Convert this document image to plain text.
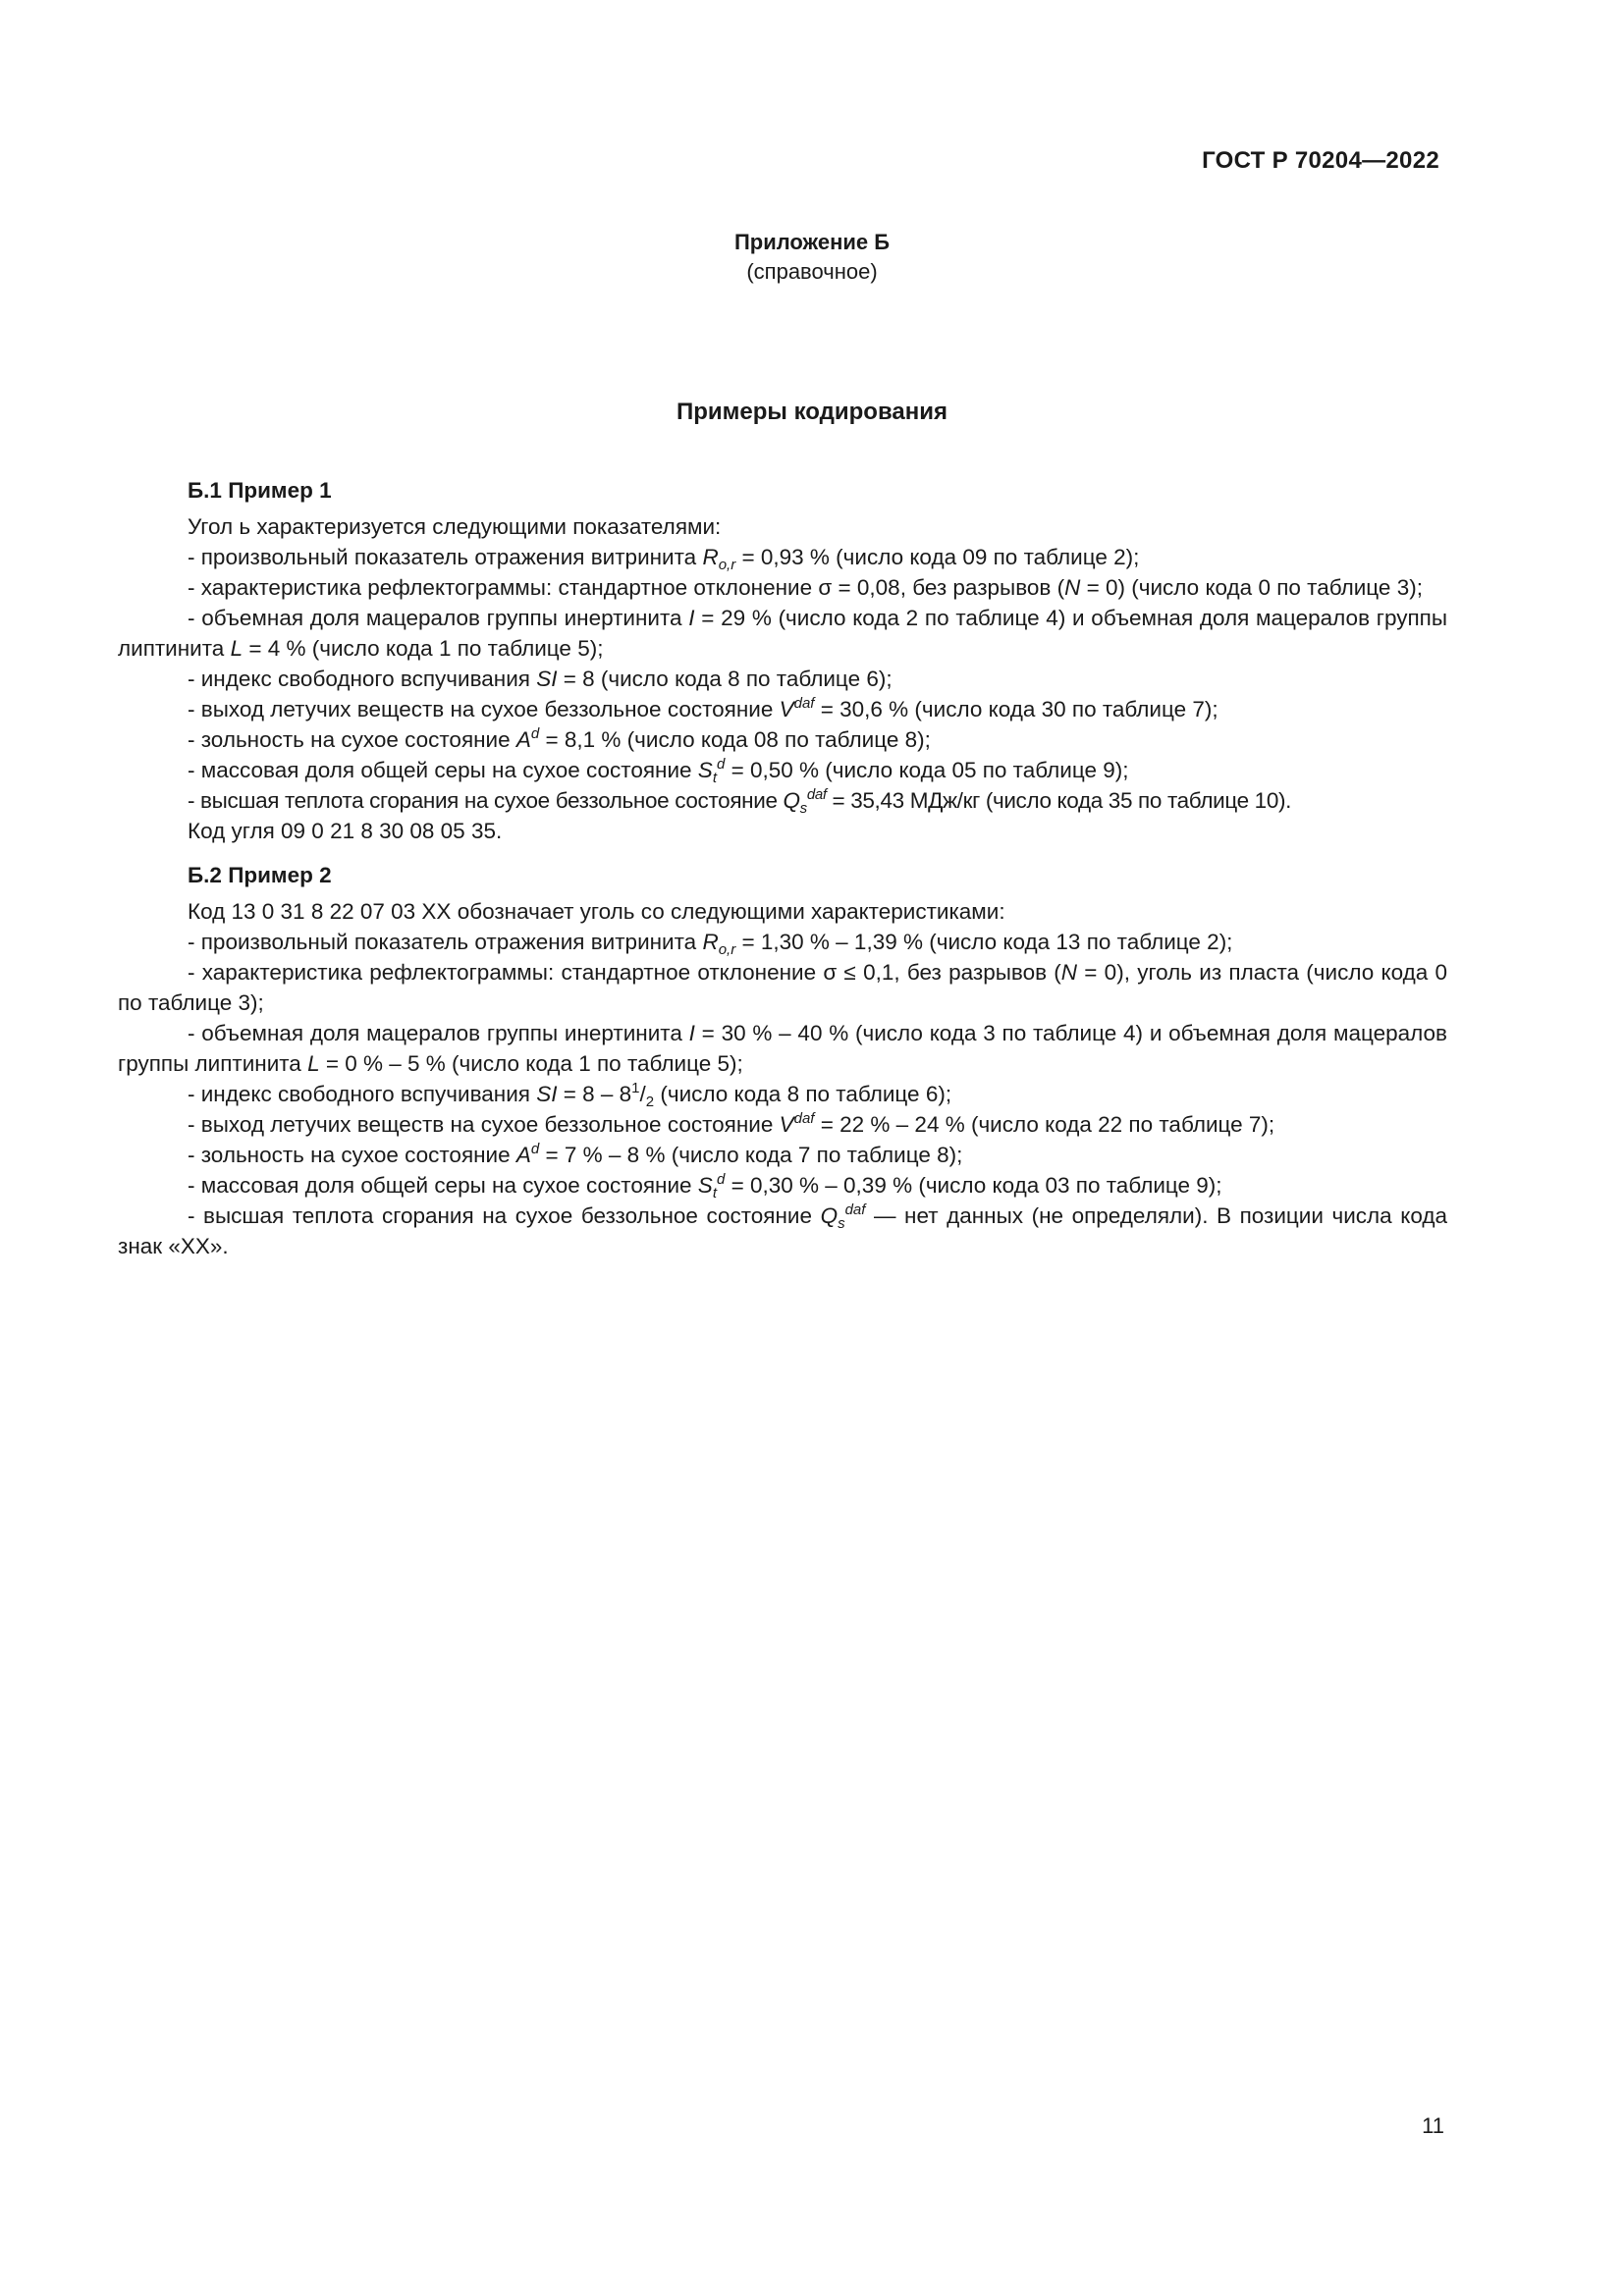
ГОСТ Р 70204—2022
Приложение Б
(справочное)
Примеры кодирования
Б.1 Пример 1

Угол ь характеризуется следующими показателями:

- произвольный показатель отражения витринита $R_{o,r} = 0,93$ % (число кода 09 по таблице 2);

- характеристика рефлектограммы: стандартное отклонение σ = 0,08, без разрывов (N = 0) (число кода 0 по таблице 3);

- объемная доля мацералов группы инертинита I = 29 % (число кода 2 по таблице 4) и объемная доля мацералов группы липтинита L = 4 % (число кода 1 по таблице 5);

- индекс свободного вспучивания SI = 8 (число кода 8 по таблице 6);

- выход летучих веществ на сухое беззольное состояние $V^{daf} = 30,6$ % (число кода 30 по таблице 7);

- зольность на сухое состояние $A^d = 8,1$ % (число кода 08 по таблице 8);

- массовая доля общей серы на сухое состояние $S_t^d = 0,50$ % (число кода 05 по таблице 9);

- высшая теплота сгорания на сухое беззольное состояние $Q_s^{daf} = 35,43$ МДж/кг (число кода 35 по таблице 10).

Код угля 09 0 21 8 30 08 05 35.

Б.2 Пример 2

Код 13 0 31 8 22 07 03 XX обозначает уголь со следующими характеристиками:

- произвольный показатель отражения витринита $R_{o,r} = 1,30$ % – 1,39 % (число кода 13 по таблице 2);

- характеристика рефлектограммы: стандартное отклонение σ ≤ 0,1, без разрывов (N = 0), уголь из пласта (число кода 0 по таблице 3);

- объемная доля мацералов группы инертинита I = 30 % – 40 % (число кода 3 по таблице 4) и объемная доля мацералов группы липтинита L = 0 % – 5 % (число кода 1 по таблице 5);

- индекс свободного вспучивания SI = $8 - 8^1/_2$ (число кода 8 по таблице 6);

- выход летучих веществ на сухое беззольное состояние $V^{daf} = 22$ % – 24 % (число кода 22 по таблице 7);

- зольность на сухое состояние $A^d = 7$ % – 8 % (число кода 7 по таблице 8);

- массовая доля общей серы на сухое состояние $S_t^d = 0,30$ % – 0,39 % (число кода 03 по таблице 9);

- высшая теплота сгорания на сухое беззольное состояние $Q_s^{daf}$ — нет данных (не определяли). В позиции числа кода знак «XX».

11
